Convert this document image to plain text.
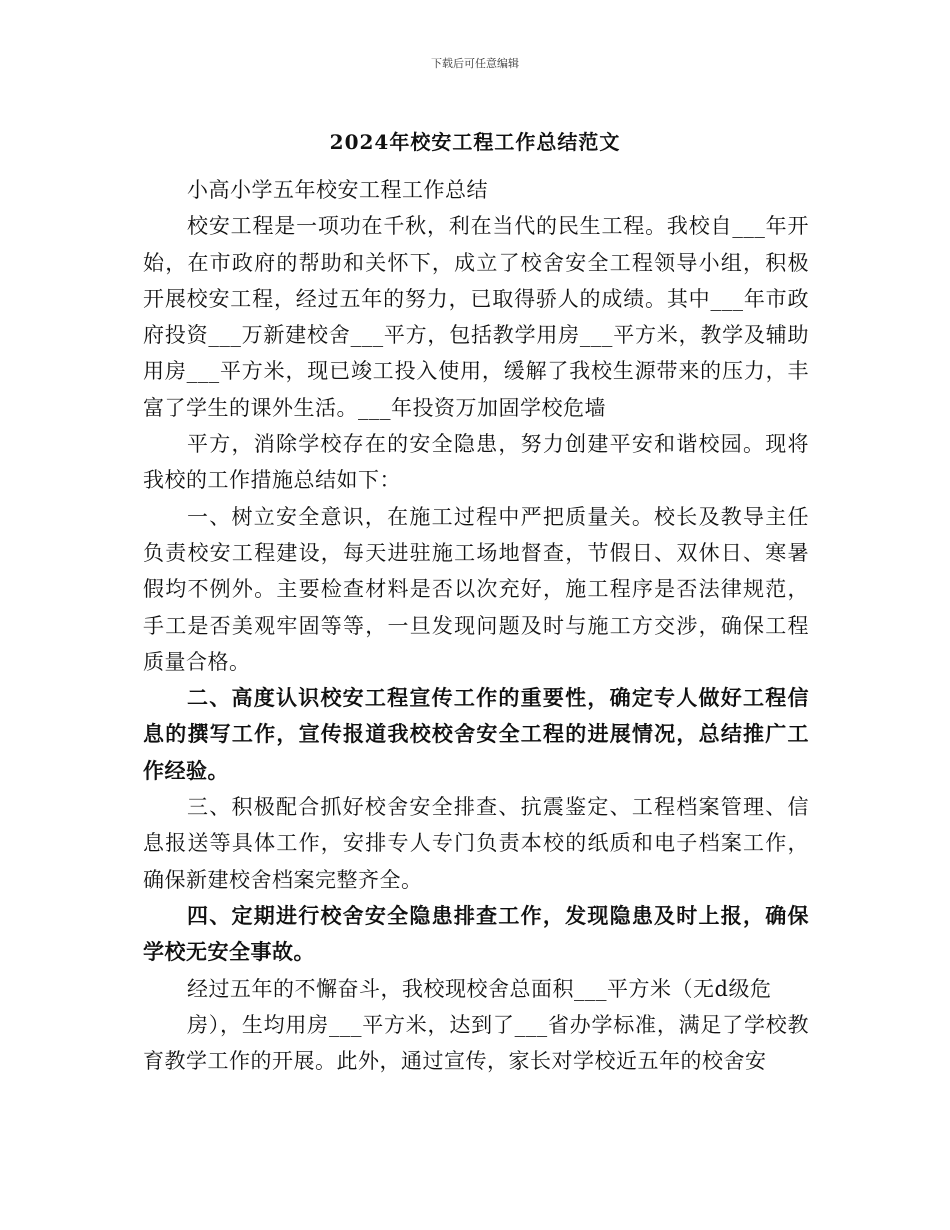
下载后可任意编辑
2024年校安工程工作总结范文

小高小学五年校安工程工作总结

校安工程是一项功在千秋，利在当代的民生工程。我校自___年开始，在市政府的帮助和关怀下，成立了校舍安全工程领导小组，积极开展校安工程，经过五年的努力，已取得骄人的成绩。其中___年市政府投资___万新建校舍___平方，包括教学用房___平方米，教学及辅助用房___平方米，现已竣工投入使用，缓解了我校生源带来的压力，丰富了学生的课外生活。___年投资万加固学校危墙

平方，消除学校存在的安全隐患，努力创建平安和谐校园。现将我校的工作措施总结如下：

一、树立安全意识，在施工过程中严把质量关。校长及教导主任负责校安工程建设，每天进驻施工场地督查，节假日、双休日、寒暑假均不例外。主要检查材料是否以次充好，施工程序是否法律规范，手工是否美观牢固等等，一旦发现问题及时与施工方交涉，确保工程质量合格。

二、高度认识校安工程宣传工作的重要性，确定专人做好工程信息的撰写工作，宣传报道我校校舍安全工程的进展情况，总结推广工作经验。

三、积极配合抓好校舍安全排查、抗震鉴定、工程档案管理、信息报送等具体工作，安排专人专门负责本校的纸质和电子档案工作，确保新建校舍档案完整齐全。

四、定期进行校舍安全隐患排查工作，发现隐患及时上报，确保学校无安全事故。

经过五年的不懈奋斗，我校现校舍总面积___平方米（无d级危

房），生均用房___平方米，达到了___省办学标准，满足了学校教育教学工作的开展。此外，通过宣传，家长对学校近五年的校舍安
